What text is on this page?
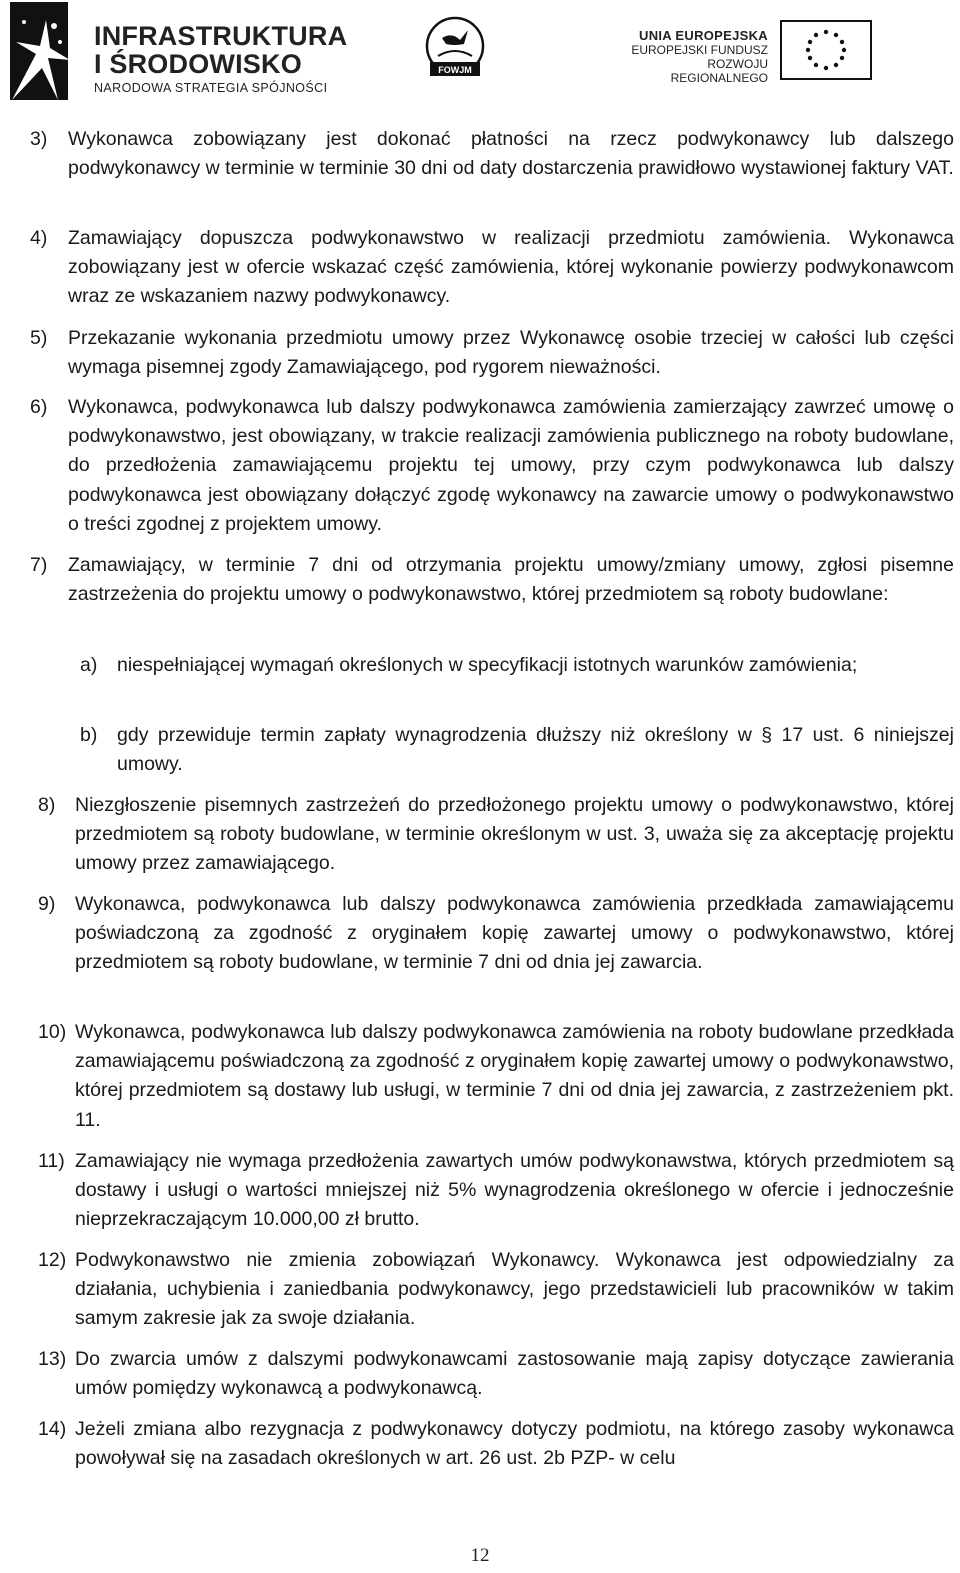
INFRASTRUKTURA
I ŚRODOWISKO
NARODOWA STRATEGIA SPÓJNOŚCI
FOWJM
UNIA EUROPEJSKA
EUROPEJSKI FUNDUSZ
ROZWOJU REGIONALNEGO
3) Wykonawca zobowiązany jest dokonać płatności na rzecz podwykonawcy lub dalszego podwykonawcy w terminie w terminie 30 dni od daty dostarczenia prawidłowo wystawionej faktury VAT.
4) Zamawiający dopuszcza podwykonawstwo w realizacji przedmiotu zamówienia. Wykonawca zobowiązany jest w ofercie wskazać część zamówienia, której wykonanie powierzy podwykonawcom wraz ze wskazaniem nazwy podwykonawcy.
5) Przekazanie wykonania przedmiotu umowy przez Wykonawcę osobie trzeciej w całości lub części wymaga pisemnej zgody Zamawiającego, pod rygorem nieważności.
6) Wykonawca, podwykonawca lub dalszy podwykonawca zamówienia zamierzający zawrzeć umowę o podwykonawstwo, jest obowiązany, w trakcie realizacji zamówienia publicznego na roboty budowlane, do przedłożenia zamawiającemu projektu tej umowy, przy czym podwykonawca lub dalszy podwykonawca jest obowiązany dołączyć zgodę wykonawcy na zawarcie umowy o podwykonawstwo o treści zgodnej z projektem umowy.
7) Zamawiający, w terminie 7 dni od otrzymania projektu umowy/zmiany umowy, zgłosi pisemne zastrzeżenia do projektu umowy o podwykonawstwo, której przedmiotem są roboty budowlane:
a) niespełniającej wymagań określonych w specyfikacji istotnych warunków zamówienia;
b) gdy przewiduje termin zapłaty wynagrodzenia dłuższy niż określony w § 17 ust. 6 niniejszej umowy.
8) Niezgłoszenie pisemnych zastrzeżeń do przedłożonego projektu umowy o podwykonawstwo, której przedmiotem są roboty budowlane, w terminie określonym w ust. 3, uważa się za akceptację projektu umowy przez zamawiającego.
9) Wykonawca, podwykonawca lub dalszy podwykonawca zamówienia przedkłada zamawiającemu poświadczoną za zgodność z oryginałem kopię zawartej umowy o podwykonawstwo, której przedmiotem są roboty budowlane, w terminie 7 dni od dnia jej zawarcia.
10) Wykonawca, podwykonawca lub dalszy podwykonawca zamówienia na roboty budowlane przedkłada zamawiającemu poświadczoną za zgodność z oryginałem kopię zawartej umowy o podwykonawstwo, której przedmiotem są dostawy lub usługi, w terminie 7 dni od dnia jej zawarcia, z zastrzeżeniem pkt. 11.
11) Zamawiający nie wymaga przedłożenia zawartych umów podwykonawstwa, których przedmiotem są dostawy i usługi o wartości mniejszej niż 5% wynagrodzenia określonego w ofercie i jednocześnie nieprzekraczającym 10.000,00 zł brutto.
12) Podwykonawstwo nie zmienia zobowiązań Wykonawcy. Wykonawca jest odpowiedzialny za działania, uchybienia i zaniedbania podwykonawcy, jego przedstawicieli lub pracowników w takim samym zakresie jak za swoje działania.
13) Do zwarcia umów z dalszymi podwykonawcami zastosowanie mają zapisy dotyczące zawierania umów pomiędzy wykonawcą a podwykonawcą.
14) Jeżeli zmiana albo rezygnacja z podwykonawcy dotyczy podmiotu, na którego zasoby wykonawca powoływał się na zasadach określonych w art. 26 ust. 2b PZP- w celu
12
